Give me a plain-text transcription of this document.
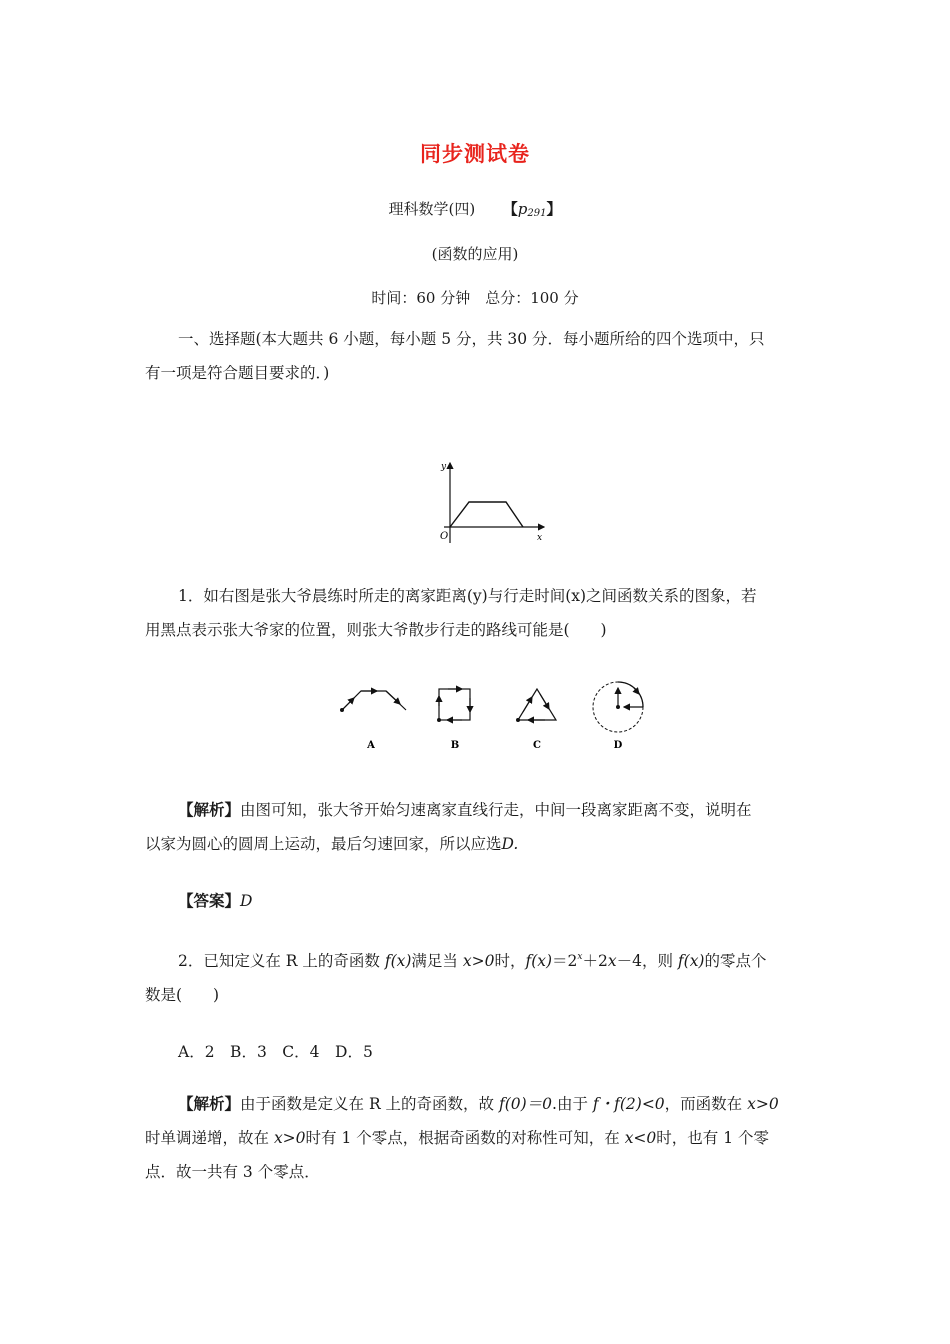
同步测试卷
理科数学(四) 【$p_{291}$】
(函数的应用)
时间：60 分钟　总分：100 分
一、选择题(本大题共 6 小题，每小题 5 分，共 30 分．每小题所给的四个选项中，只
有一项是符合题目要求的．)
y
x
O
1．如右图是张大爷晨练时所走的离家距离(y)与行走时间(x)之间函数关系的图象，若
用黑点表示张大爷家的位置，则张大爷散步行走的路线可能是(　　)
A	B	C	D
【解析】由图可知，张大爷开始匀速离家直线行走，中间一段离家距离不变，说明在
以家为圆心的圆周上运动，最后匀速回家，所以应选D.
【答案】D
2．已知定义在 R 上的奇函数 f(x)满足当 x>0时，$f(x)=2^x+2x-4$，则 f(x)的零点个
数是(　　)
A．2　B．3　C．4　D．5
【解析】由于函数是定义在 R 上的奇函数，故 f(0)＝0.由于 f・f(2)<0，而函数在 x>0
时单调递增，故在 x>0时有 1 个零点，根据奇函数的对称性可知，在 x<0时，也有 1 个零
点．故一共有 3 个零点．
